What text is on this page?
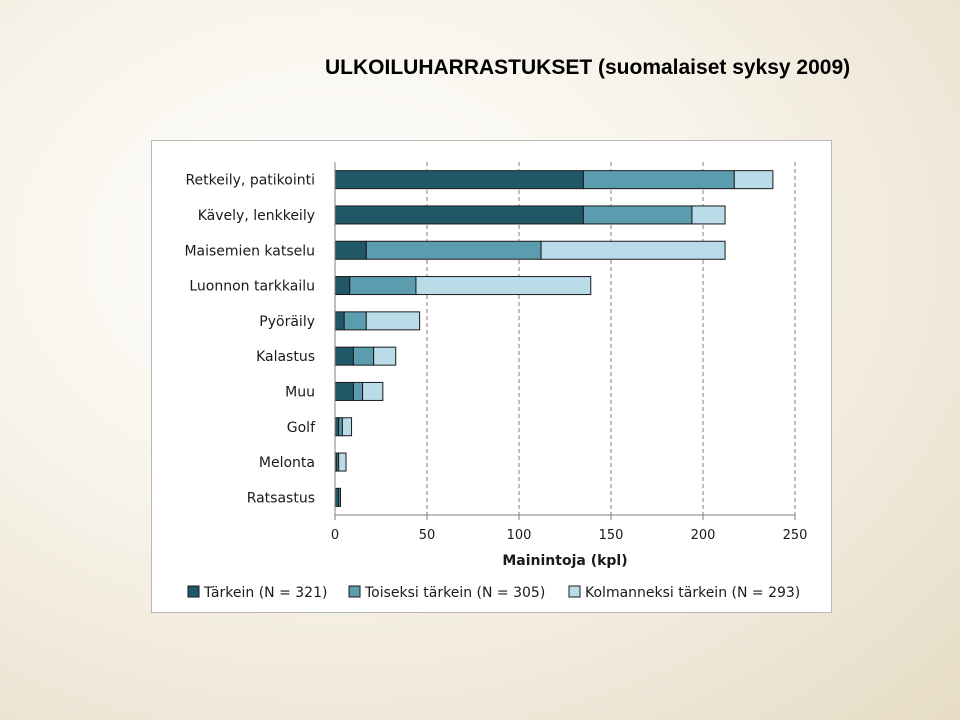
ULKOILUHARRASTUKSET (suomalaiset syksy 2009)
Retkeily, patikointi
Kävely, lenkkeily
Maisemien katselu
Luonnon tarkkailu
Pyöräily
Kalastus
Muu
Golf
Melonta
Ratsastus
0	50	100	150	200	250
Mainintoja (kpl)
Tärkein (N = 321)	Toiseksi tärkein (N = 305)	Kolmanneksi tärkein (N = 293)
